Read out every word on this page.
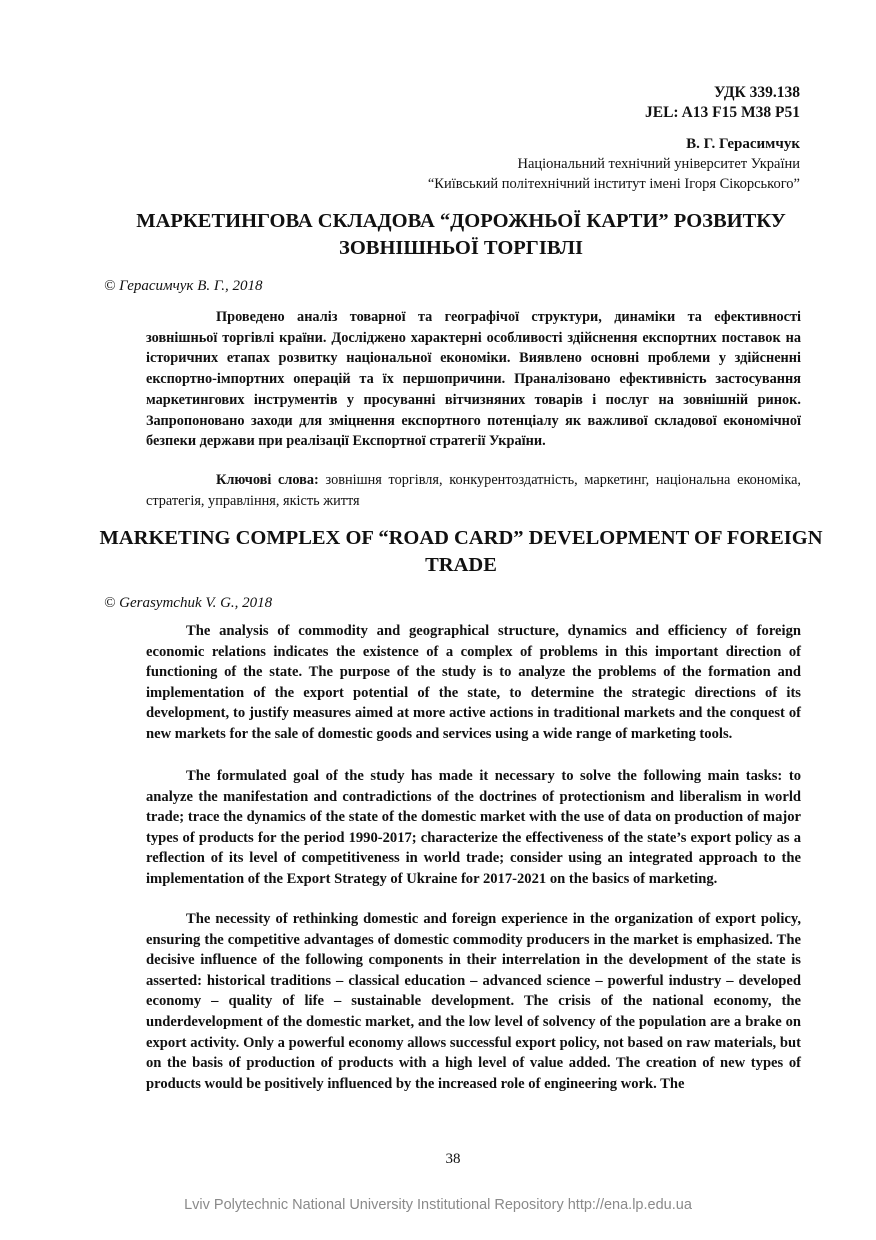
УДК 339.138
JEL: A13 F15 M38 P51
В. Г. Герасимчук
Національний технічний університет України
“Київський політехнічний інститут імені Ігоря Сікорського”
МАРКЕТИНГОВА СКЛАДОВА “ДОРОЖНЬОЇ КАРТИ” РОЗВИТКУ ЗОВНІШНЬОЇ ТОРГІВЛІ
© Герасимчук В. Г., 2018
Проведено аналіз товарної та географічої структури, динаміки та ефективності зовнішньої торгівлі країни. Досліджено характерні особливості здійснення експортних поставок на історичних етапах розвитку національної економіки. Виявлено основні проблеми у здійсненні експортно-імпортних операцій та їх першопричини. Пpaналізовано ефективність застосування маркетингових інструментів у просуванні вітчизняних товарів і послуг на зовнішній ринок. Запропоновано заходи для зміцнення експортного потенціалу як важливої складової економічної безпеки держави при реалізації Експортної стратегії України.
Ключові слова: зовнішня торгівля, конкурентоздатність, маркетинг, національна економіка, стратегія, управління, якість життя
MARKETING COMPLEX OF “ROAD CARD” DEVELOPMENT OF FOREIGN TRADE
© Gerasymchuk V. G., 2018
The analysis of commodity and geographical structure, dynamics and efficiency of foreign economic relations indicates the existence of a complex of problems in this important direction of functioning of the state. The purpose of the study is to analyze the problems of the formation and implementation of the export potential of the state, to determine the strategic directions of its development, to justify measures aimed at more active actions in traditional markets and the conquest of new markets for the sale of domestic goods and services using a wide range of marketing tools.
The formulated goal of the study has made it necessary to solve the following main tasks: to analyze the manifestation and contradictions of the doctrines of protectionism and liberalism in world trade; trace the dynamics of the state of the domestic market with the use of data on production of major types of products for the period 1990-2017; characterize the effectiveness of the state’s export policy as a reflection of its level of competitiveness in world trade; consider using an integrated approach to the implementation of the Export Strategy of Ukraine for 2017-2021 on the basics of marketing.
The necessity of rethinking domestic and foreign experience in the organization of export policy, ensuring the competitive advantages of domestic commodity producers in the market is emphasized. The decisive influence of the following components in their interrelation in the development of the state is asserted: historical traditions – classical education – advanced science – powerful industry – developed economy – quality of life – sustainable development. The crisis of the national economy, the underdevelopment of the domestic market, and the low level of solvency of the population are a brake on export activity. Only a powerful economy allows successful export policy, not based on raw materials, but on the basis of production of products with a high level of value added. The creation of new types of products would be positively influenced by the increased role of engineering work. The
38
Lviv Polytechnic National University Institutional Repository http://ena.lp.edu.ua
